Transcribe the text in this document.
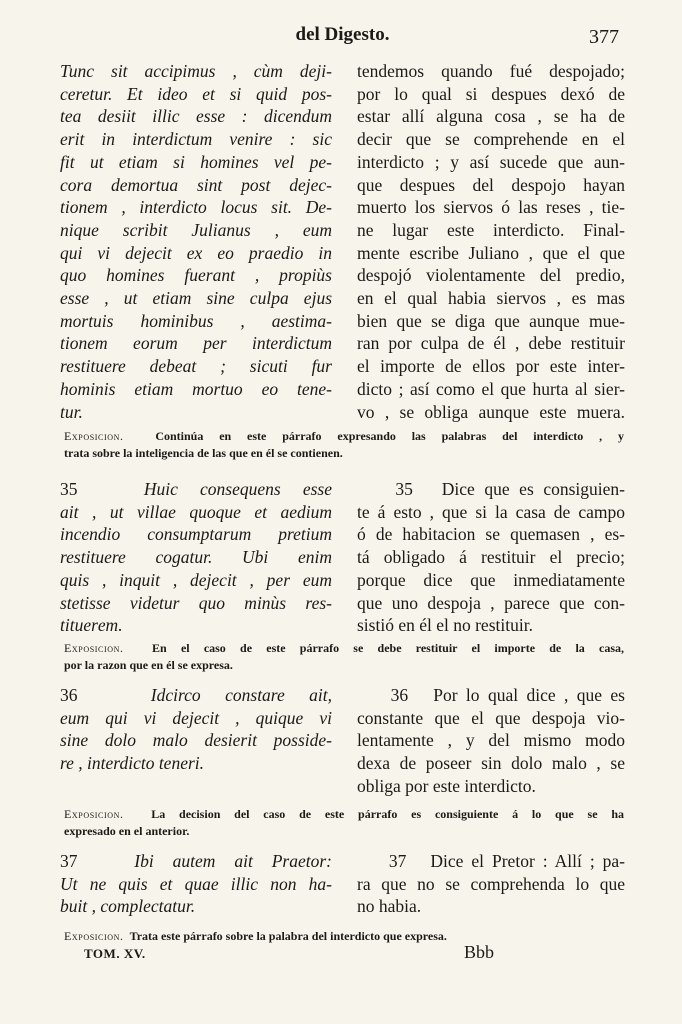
del Digesto.	377
Tunc sit accipimus , cùm deji-
ceretur. Et ideo et si quid pos-
tea desiit illic esse : dicendum
erit in interdictum venire : sic
fit ut etiam si homines vel pe-
cora demortua sint post dejec-
tionem , interdicto locus sit. De-
nique scribit Julianus , eum
qui vi dejecit ex eo praedio in
quo homines fuerant , propiùs
esse , ut etiam sine culpa ejus
mortuis hominibus , aestima-
tionem eorum per interdictum
restituere debeat ; sicuti fur
hominis etiam mortuo eo tene-
tur.
tendemos quando fué despojado;
por lo qual si despues dexó de
estar allí alguna cosa , se ha de
decir que se comprehende en el
interdicto ; y así sucede que aun-
que despues del despojo hayan
muerto los siervos ó las reses , tie-
ne lugar este interdicto. Final-
mente escribe Juliano , que el que
despojó violentamente del predio,
en el qual habia siervos , es mas
bien que se diga que aunque mue-
ran por culpa de él , debe restituir
el importe de ellos por este inter-
dicto ; así como el que hurta al sier-
vo , se obliga aunque este muera.
Exposicion.	Continúa en este párrafo expresando las palabras del interdicto , y
trata sobre la inteligencia de las que en él se contienen.
35	Huic consequens esse
ait , ut villae quoque et aedium
incendio consumptarum pretium
restituere cogatur. Ubi enim
quis , inquit , dejecit , per eum
stetisse videtur quo minùs res-
tituerет.
35 Dice que es consiguien-
te á esto , que si la casa de campo
ó de habitacion se quemasen , es-
tá obligado á restituir el precio;
porque dice que inmediatamente
que uno despoja , parece que con-
sistió en él el no restituir.
Exposicion. En el caso de este párrafo se debe restituir el importe de la casa,
por la razon que en él se expresa.
36	Idcirco constare ait,
eum qui vi dejecit , quique vi
sine dolo malo desierit posside-
re , interdicto teneri.
36 Por lo qual dice , que es
constante que el que despoja vio-
lentamente , y del mismo modo
dexa de poseer sin dolo malo , se
obliga por este interdicto.
Exposicion. La decision del caso de este párrafo es consiguiente á lo que se ha
expresado en el anterior.
37	Ibi autem ait Praetor:
Ut ne quis et quae illic non ha-
buit , complectatur.
37 Dice el Pretor : Allí ; pa-
ra que no se comprehenda lo que
no habia.
Exposicion. Trata este párrafo sobre la palabra del interdicto que expresa.
TOM. XV.	Bbb
